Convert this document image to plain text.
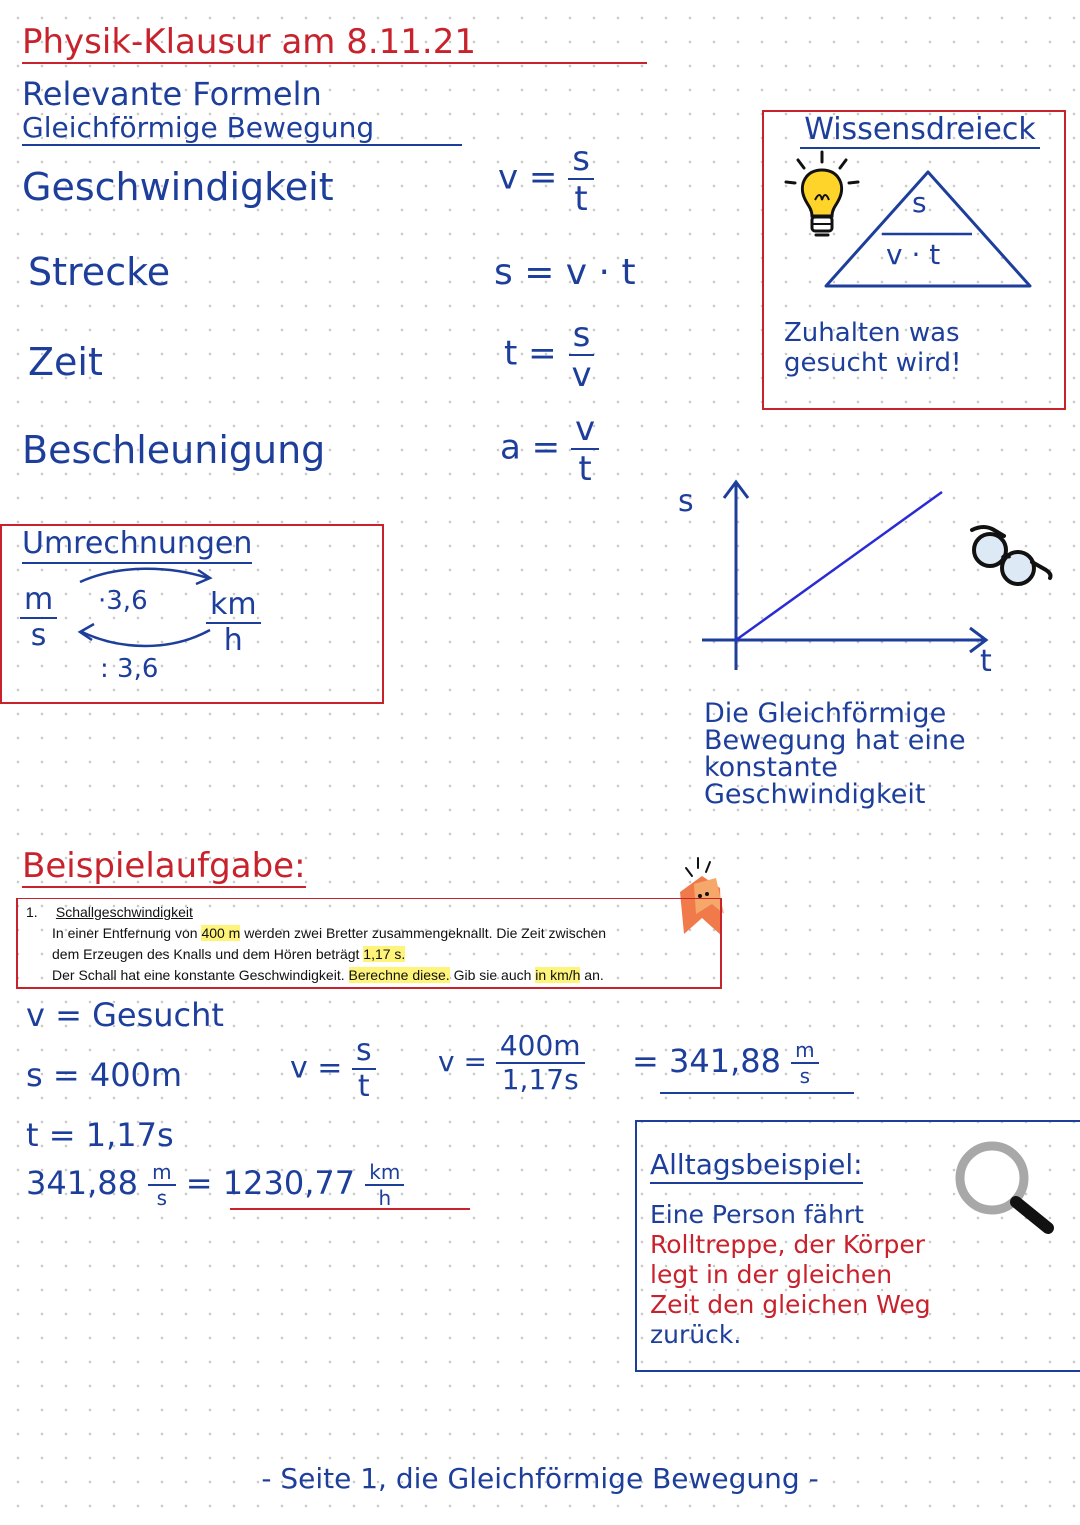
Physik-Klausur am 8.11.21
Relevante Formeln
Gleichförmige Bewegung
Geschwindigkeit	$v = \frac{s}{t}$
Strecke	s = v · t
Zeit	$t = \frac{s}{v}$
Beschleunigung	$a = \frac{v}{t}$
Wissensdreieck
s
v · t
Zuhalten was gesucht wird!
Umrechnungen
$\frac{m}{s}$	$\frac{km}{h}$
·3,6
: 3,6
s
t
Die Gleichförmige
Bewegung hat eine
konstante
Geschwindigkeit
Beispielaufgabe:
1. Schallgeschwindigkeit
In einer Entfernung von 400 m werden zwei Bretter zusammengeknallt. Die Zeit zwischen
dem Erzeugen des Knalls und dem Hören beträgt 1,17 s.
Der Schall hat eine konstante Geschwindigkeit. Berechne diese. Gib sie auch in km/h an.
v = Gesucht
s = 400m
t = 1,17s
$v = \frac{s}{t}$ $v = \frac{400m}{1,17s} = 341,88 \frac{m}{s}$
$341,88 \frac{m}{s} = 1230,77 \frac{km}{h}$	Alltagsbeispiel:
Eine Person fährt
Rolltreppe, der Körper
legt in der gleichen
Zeit den gleichen Weg
zurück.
- Seite 1, die Gleichförmige Bewegung -
